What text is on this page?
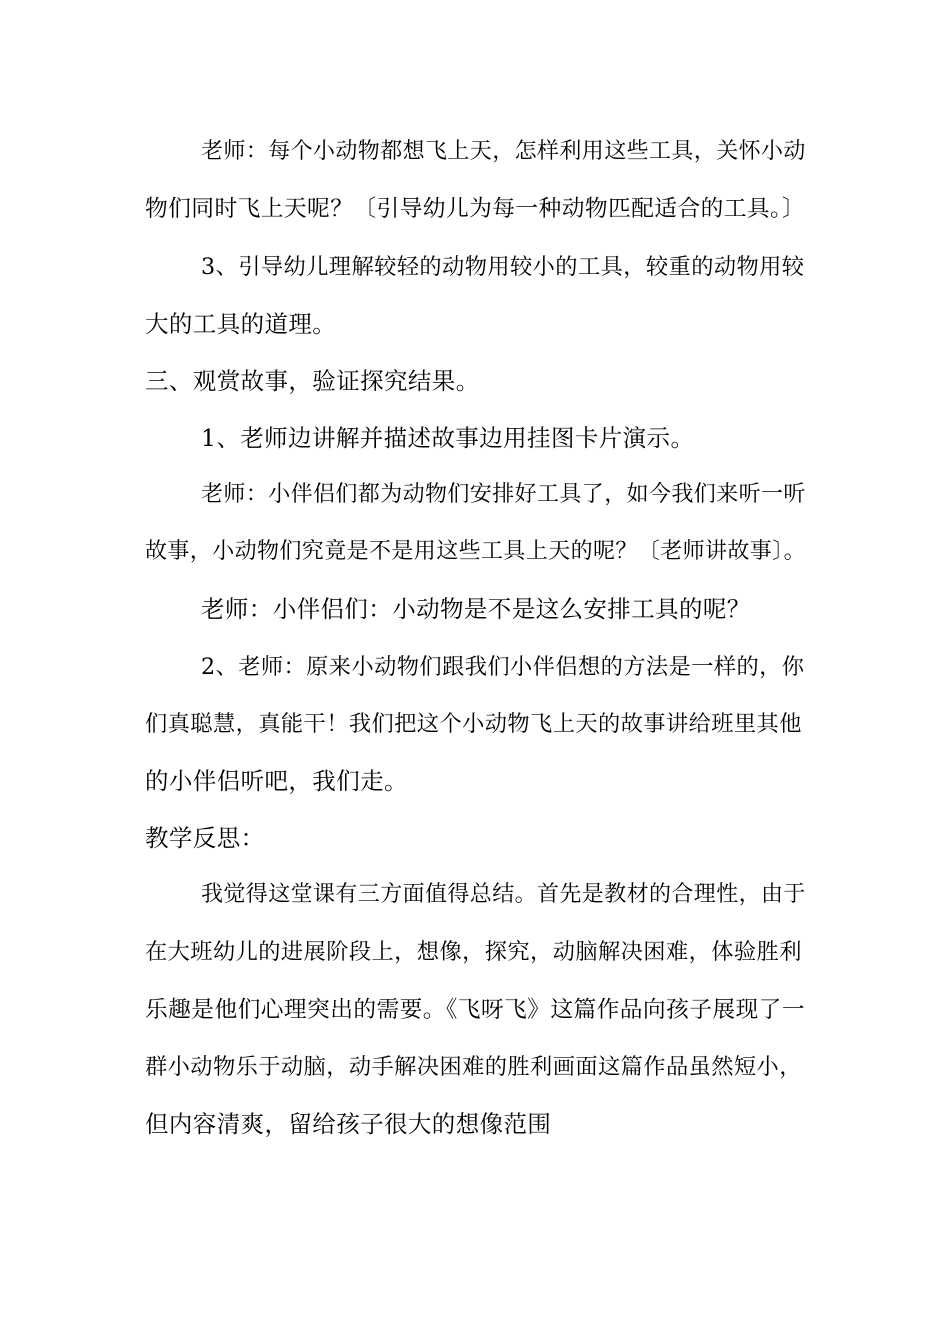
老师：每个小动物都想飞上天，怎样利用这些工具，关怀小动
物们同时飞上天呢？〔引导幼儿为每一种动物匹配适合的工具。〕
3、引导幼儿理解较轻的动物用较小的工具，较重的动物用较
大的工具的道理。
三、观赏故事，验证探究结果。
1、老师边讲解并描述故事边用挂图卡片演示。
老师：小伴侣们都为动物们安排好工具了，如今我们来听一听
故事，小动物们究竟是不是用这些工具上天的呢？〔老师讲故事〕。
老师：小伴侣们：小动物是不是这么安排工具的呢？
2、老师：原来小动物们跟我们小伴侣想的方法是一样的，你
们真聪慧，真能干！我们把这个小动物飞上天的故事讲给班里其他
的小伴侣听吧，我们走。
教学反思：
我觉得这堂课有三方面值得总结。首先是教材的合理性，由于
在大班幼儿的进展阶段上，想像，探究，动脑解决困难，体验胜利
乐趣是他们心理突出的需要。《飞呀飞》这篇作品向孩子展现了一
群小动物乐于动脑，动手解决困难的胜利画面这篇作品虽然短小，
但内容清爽，留给孩子很大的想像范围
